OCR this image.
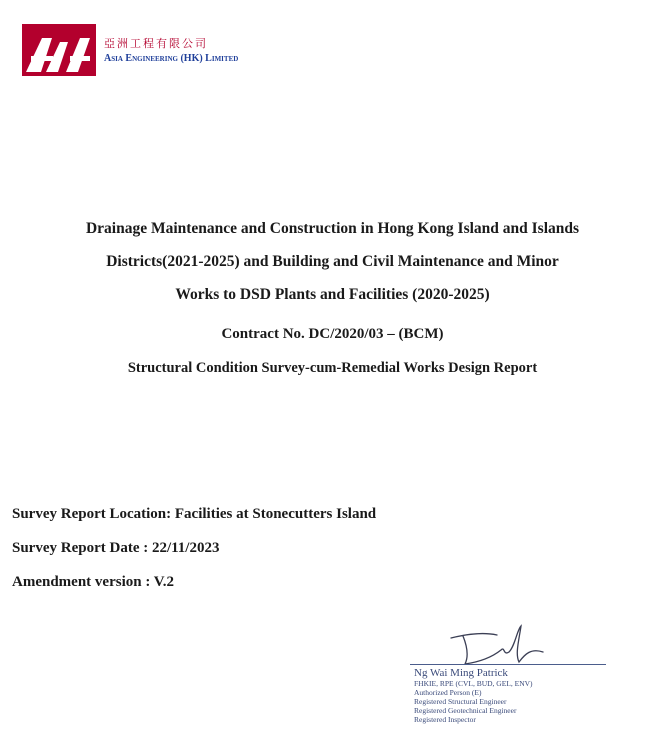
亞洲工程有限公司
Asia Engineering (HK) Limited
Drainage Maintenance and Construction in Hong Kong Island and Islands
Districts(2021-2025) and Building and Civil Maintenance and Minor
Works to DSD Plants and Facilities (2020-2025)
Contract No. DC/2020/03 – (BCM)
Structural Condition Survey-cum-Remedial Works Design Report
Survey Report Location: Facilities at Stonecutters Island
Survey Report Date : 22/11/2023
Amendment version : V.2
Ng Wai Ming Patrick
FHKIE, RPE (CVL, BUD, GEL, ENV)
Authorized Person (E)
Registered Structural Engineer
Registered Geotechnical Engineer
Registered Inspector
